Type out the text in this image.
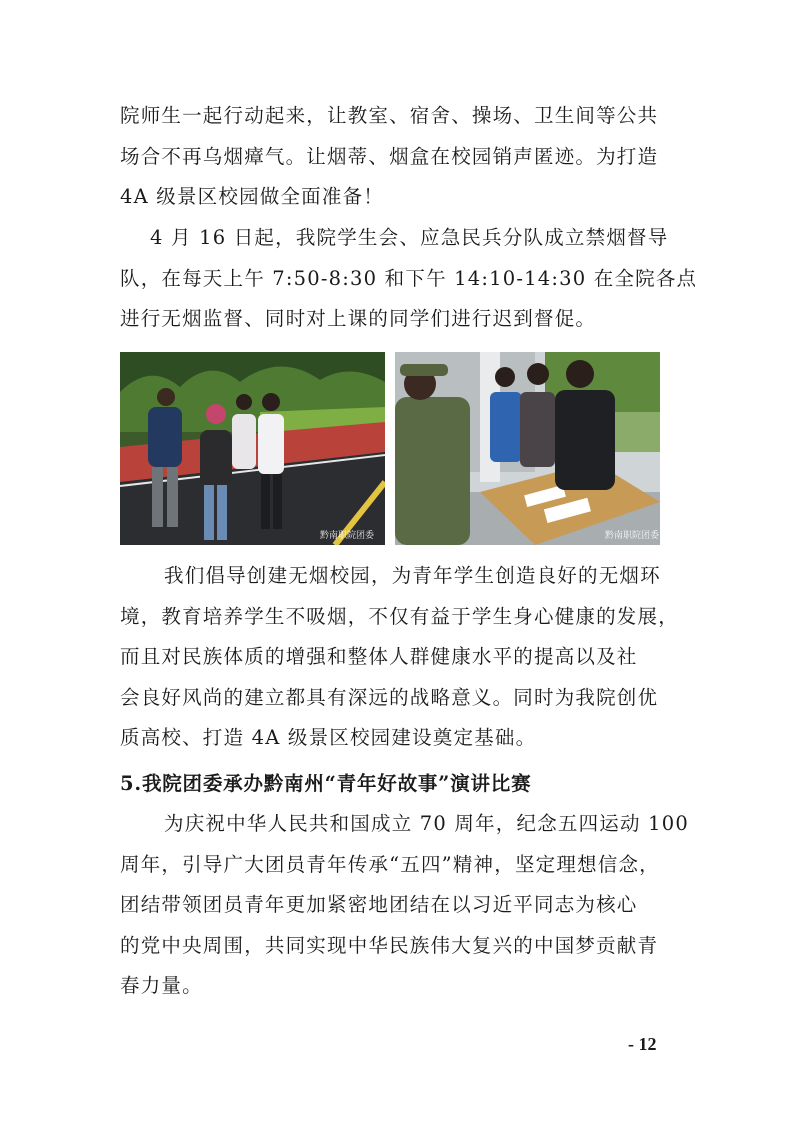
院师生一起行动起来，让教室、宿舍、操场、卫生间等公共
场合不再乌烟瘴气。让烟蒂、烟盒在校园销声匿迹。为打造
4A 级景区校园做全面准备！
4 月 16 日起，我院学生会、应急民兵分队成立禁烟督导
队，在每天上午 7:50-8:30 和下午 14:10-14:30 在全院各点
进行无烟监督、同时对上课的同学们进行迟到督促。
黔南职院团委	黔南职院团委
我们倡导创建无烟校园，为青年学生创造良好的无烟环
境，教育培养学生不吸烟，不仅有益于学生身心健康的发展，
而且对民族体质的增强和整体人群健康水平的提高以及社
会良好风尚的建立都具有深远的战略意义。同时为我院创优
质高校、打造 4A 级景区校园建设奠定基础。
5.我院团委承办黔南州“青年好故事”演讲比赛
为庆祝中华人民共和国成立 70 周年，纪念五四运动 100
周年，引导广大团员青年传承“五四”精神，坚定理想信念，
团结带领团员青年更加紧密地团结在以习近平同志为核心
的党中央周围，共同实现中华民族伟大复兴的中国梦贡献青
春力量。
- 12
